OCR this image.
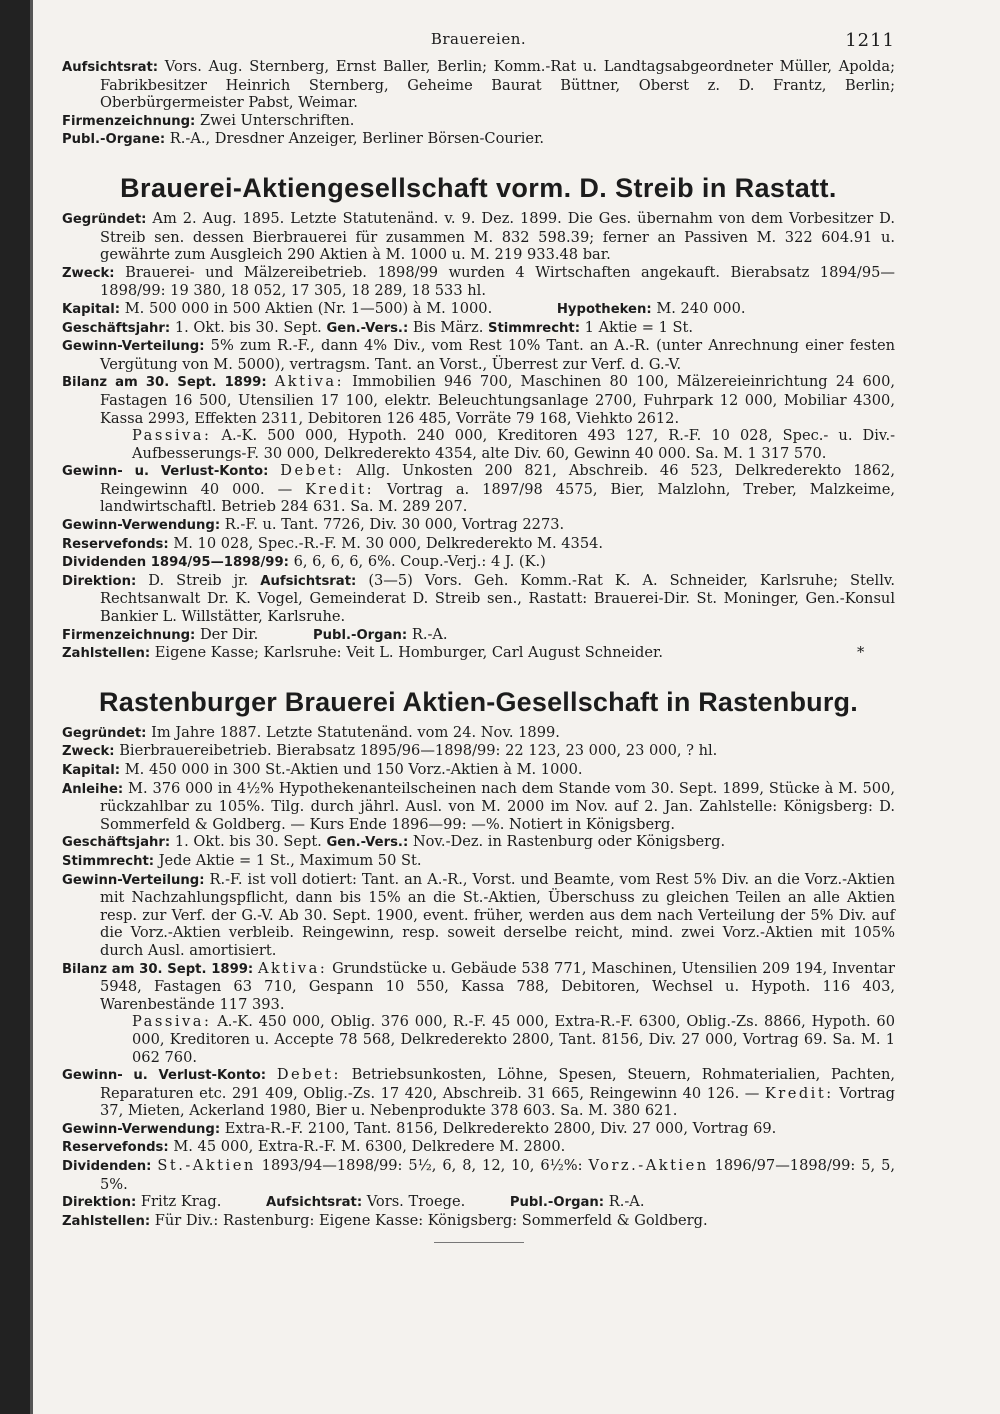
Brauereien.	1211

Aufsichtsrat: Vors. Aug. Sternberg, Ernst Baller, Berlin; Komm.-Rat u. Landtagsabgeordneter Müller, Apolda; Fabrikbesitzer Heinrich Sternberg, Geheime Baurat Büttner, Oberst z. D. Frantz, Berlin; Oberbürgermeister Pabst, Weimar.

Firmenzeichnung: Zwei Unterschriften.

Publ.-Organe: R.-A., Dresdner Anzeiger, Berliner Börsen-Courier.

Brauerei-Aktiengesellschaft vorm. D. Streib in Rastatt.

Gegründet: Am 2. Aug. 1895. Letzte Statutenänd. v. 9. Dez. 1899. Die Ges. übernahm von dem Vorbesitzer D. Streib sen. dessen Bierbrauerei für zusammen M. 832 598.39; ferner an Passiven M. 322 604.91 u. gewährte zum Ausgleich 290 Aktien à M. 1000 u. M. 219 933.48 bar.

Zweck: Brauerei- und Mälzereibetrieb. 1898/99 wurden 4 Wirtschaften angekauft. Bierabsatz 1894/95—1898/99: 19 380, 18 052, 17 305, 18 289, 18 533 hl.

Kapital: M. 500 000 in 500 Aktien (Nr. 1—500) à M. 1000.	Hypotheken: M. 240 000.

Geschäftsjahr: 1. Okt. bis 30. Sept. Gen.-Vers.: Bis März. Stimmrecht: 1 Aktie = 1 St.

Gewinn-Verteilung: 5% zum R.-F., dann 4% Div., vom Rest 10% Tant. an A.-R. (unter Anrechnung einer festen Vergütung von M. 5000), vertragsm. Tant. an Vorst., Überrest zur Verf. d. G.-V.

Bilanz am 30. Sept. 1899: Aktiva: Immobilien 946 700, Maschinen 80 100, Mälzereieinrichtung 24 600, Fastagen 16 500, Utensilien 17 100, elektr. Beleuchtungsanlage 2700, Fuhrpark 12 000, Mobiliar 4300, Kassa 2993, Effekten 2311, Debitoren 126 485, Vorräte 79 168, Viehkto 2612.

Passiva: A.-K. 500 000, Hypoth. 240 000, Kreditoren 493 127, R.-F. 10 028, Spec.- u. Div.-Aufbesserungs-F. 30 000, Delkrederekto 4354, alte Div. 60, Gewinn 40 000. Sa. M. 1 317 570.

Gewinn- u. Verlust-Konto: Debet: Allg. Unkosten 200 821, Abschreib. 46 523, Delkrederekto 1862, Reingewinn 40 000. — Kredit: Vortrag a. 1897/98 4575, Bier, Malzlohn, Treber, Malzkeime, landwirtschaftl. Betrieb 284 631. Sa. M. 289 207.

Gewinn-Verwendung: R.-F. u. Tant. 7726, Div. 30 000, Vortrag 2273.

Reservefonds: M. 10 028, Spec.-R.-F. M. 30 000, Delkrederekto M. 4354.

Dividenden 1894/95—1898/99: 6, 6, 6, 6, 6%. Coup.-Verj.: 4 J. (K.)

Direktion: D. Streib jr. Aufsichtsrat: (3—5) Vors. Geh. Komm.-Rat K. A. Schneider, Karlsruhe; Stellv. Rechtsanwalt Dr. K. Vogel, Gemeinderat D. Streib sen., Rastatt: Brauerei-Dir. St. Moninger, Gen.-Konsul Bankier L. Willstätter, Karlsruhe.

Firmenzeichnung: Der Dir.	Publ.-Organ: R.-A.

Zahlstellen: Eigene Kasse; Karlsruhe: Veit L. Homburger, Carl August Schneider.	*

Rastenburger Brauerei Aktien-Gesellschaft in Rastenburg.

Gegründet: Im Jahre 1887. Letzte Statutenänd. vom 24. Nov. 1899.

Zweck: Bierbrauereibetrieb. Bierabsatz 1895/96—1898/99: 22 123, 23 000, 23 000, ? hl.

Kapital: M. 450 000 in 300 St.-Aktien und 150 Vorz.-Aktien à M. 1000.

Anleihe: M. 376 000 in 4½% Hypothekenanteilscheinen nach dem Stande vom 30. Sept. 1899, Stücke à M. 500, rückzahlbar zu 105%. Tilg. durch jährl. Ausl. von M. 2000 im Nov. auf 2. Jan. Zahlstelle: Königsberg: D. Sommerfeld & Goldberg. — Kurs Ende 1896—99: —%. Notiert in Königsberg.

Geschäftsjahr: 1. Okt. bis 30. Sept. Gen.-Vers.: Nov.-Dez. in Rastenburg oder Königsberg.

Stimmrecht: Jede Aktie = 1 St., Maximum 50 St.

Gewinn-Verteilung: R.-F. ist voll dotiert: Tant. an A.-R., Vorst. und Beamte, vom Rest 5% Div. an die Vorz.-Aktien mit Nachzahlungspflicht, dann bis 15% an die St.-Aktien, Überschuss zu gleichen Teilen an alle Aktien resp. zur Verf. der G.-V. Ab 30. Sept. 1900, event. früher, werden aus dem nach Verteilung der 5% Div. auf die Vorz.-Aktien verbleib. Reingewinn, resp. soweit derselbe reicht, mind. zwei Vorz.-Aktien mit 105% durch Ausl. amortisiert.

Bilanz am 30. Sept. 1899: Aktiva: Grundstücke u. Gebäude 538 771, Maschinen, Utensilien 209 194, Inventar 5948, Fastagen 63 710, Gespann 10 550, Kassa 788, Debitoren, Wechsel u. Hypoth. 116 403, Warenbestände 117 393.

Passiva: A.-K. 450 000, Oblig. 376 000, R.-F. 45 000, Extra-R.-F. 6300, Oblig.-Zs. 8866, Hypoth. 60 000, Kreditoren u. Accepte 78 568, Delkrederekto 2800, Tant. 8156, Div. 27 000, Vortrag 69. Sa. M. 1 062 760.

Gewinn- u. Verlust-Konto: Debet: Betriebsunkosten, Löhne, Spesen, Steuern, Rohmaterialien, Pachten, Reparaturen etc. 291 409, Oblig.-Zs. 17 420, Abschreib. 31 665, Reingewinn 40 126. — Kredit: Vortrag 37, Mieten, Ackerland 1980, Bier u. Nebenprodukte 378 603. Sa. M. 380 621.

Gewinn-Verwendung: Extra-R.-F. 2100, Tant. 8156, Delkrederekto 2800, Div. 27 000, Vortrag 69.

Reservefonds: M. 45 000, Extra-R.-F. M. 6300, Delkredere M. 2800.

Dividenden: St.-Aktien 1893/94—1898/99: 5½, 6, 8, 12, 10, 6½%: Vorz.-Aktien 1896/97—1898/99: 5, 5, 5%.

Direktion: Fritz Krag.	Aufsichtsrat: Vors. Troege.	Publ.-Organ: R.-A.

Zahlstellen: Für Div.: Rastenburg: Eigene Kasse: Königsberg: Sommerfeld & Goldberg.
